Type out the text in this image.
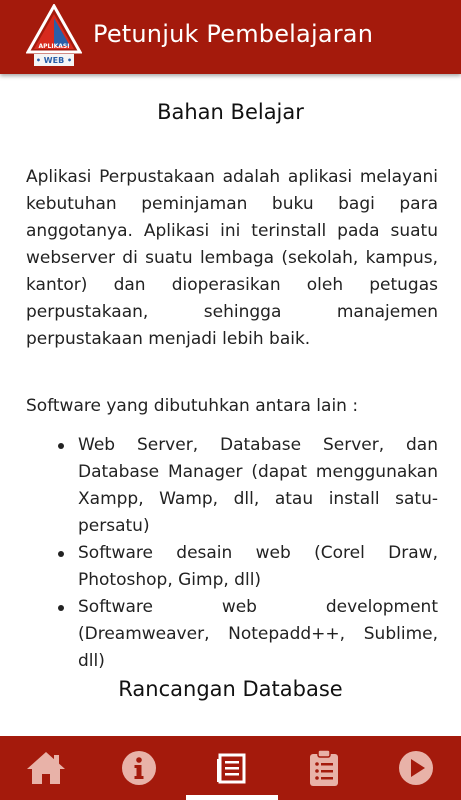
APLIKASI
• WEB •
Petunjuk Pembelajaran
Bahan Belajar
Aplikasi Perpustakaan adalah aplikasi melayani kebutuhan peminjaman buku bagi para anggotanya. Aplikasi ini terinstall pada suatu webserver di suatu lembaga (sekolah, kampus, kantor) dan dioperasikan oleh petugas perpustakaan, sehingga manajemen perpustakaan menjadi lebih baik.
Software yang dibutuhkan antara lain :
Web Server, Database Server, dan Database Manager (dapat menggunakan Xampp, Wamp, dll, atau install satu-persatu)
Software desain web (Corel Draw, Photoshop, Gimp, dll)
Software web development (Dreamweaver, Notepadd++, Sublime, dll)
Rancangan Database
